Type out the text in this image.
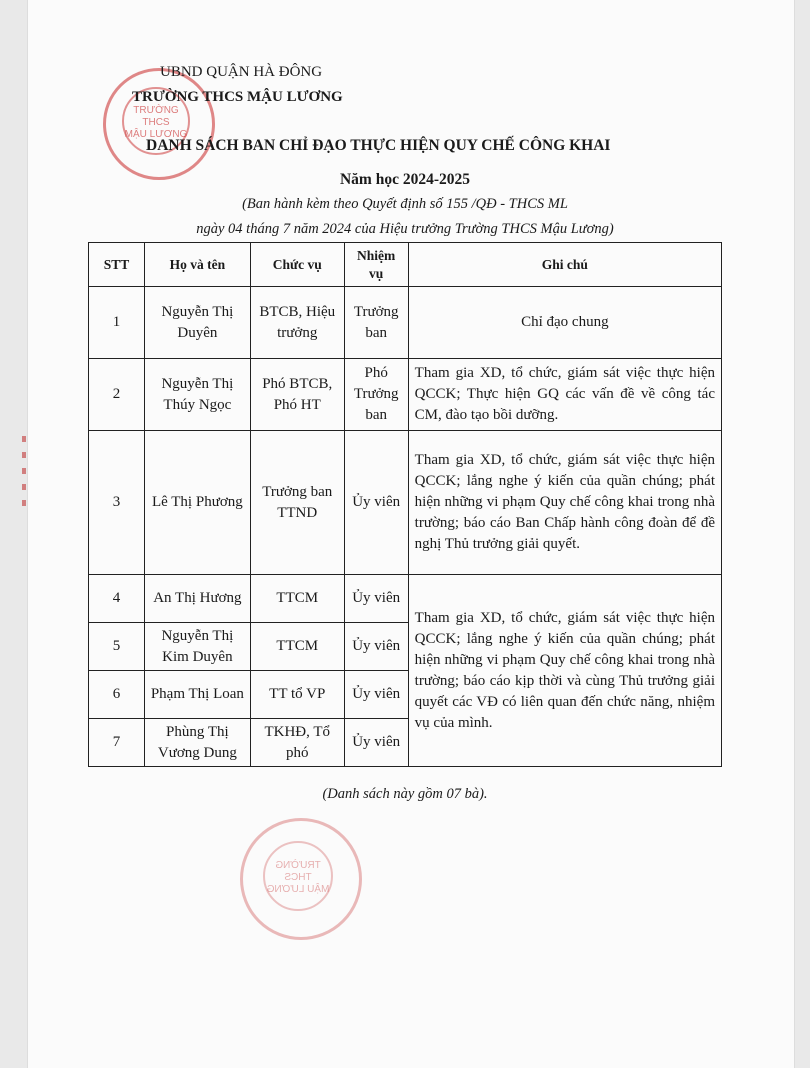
TRƯỜNG
THCS
MẬU LƯƠNG
UBND QUẬN HÀ ĐÔNG
TRƯỜNG THCS MẬU LƯƠNG
DANH SÁCH BAN CHỈ ĐẠO THỰC HIỆN QUY CHẾ CÔNG KHAI
Năm học 2024-2025
(Ban hành kèm theo Quyết định số 155 /QĐ - THCS ML
ngày 04 tháng 7 năm 2024 của Hiệu trưởng Trường THCS Mậu Lương)
STT	Họ và tên	Chức vụ	Nhiệm vụ	Ghi chú
1	Nguyễn Thị Duyên	BTCB, Hiệu trưởng	Trưởng ban	Chỉ đạo chung
2	Nguyễn Thị Thúy Ngọc	Phó BTCB, Phó HT	Phó Trưởng ban	Tham gia XD, tổ chức, giám sát việc thực hiện QCCK; Thực hiện GQ các vấn đề về công tác CM, đào tạo bồi dưỡng.
3	Lê Thị Phương	Trưởng ban TTND	Ủy viên	Tham gia XD, tổ chức, giám sát việc thực hiện QCCK; lắng nghe ý kiến của quần chúng; phát hiện những vi phạm Quy chế công khai trong nhà trường; báo cáo Ban Chấp hành công đoàn để đề nghị Thủ trưởng giải quyết.
4	An Thị Hương	TTCM	Ủy viên	Tham gia XD, tổ chức, giám sát việc thực hiện QCCK; lắng nghe ý kiến của quần chúng; phát hiện những vi phạm Quy chế công khai trong nhà trường; báo cáo kịp thời và cùng Thủ trưởng giải quyết các VĐ có liên quan đến chức năng, nhiệm vụ của mình.
5	Nguyễn Thị Kim Duyên	TTCM	Ủy viên	
6	Phạm Thị Loan	TT tổ VP	Ủy viên	
7	Phùng Thị Vương Dung	TKHĐ, Tổ phó	Ủy viên	
(Danh sách này gồm 07 bà).
TRƯỜNG
THCS
MẬU LƯƠNG
